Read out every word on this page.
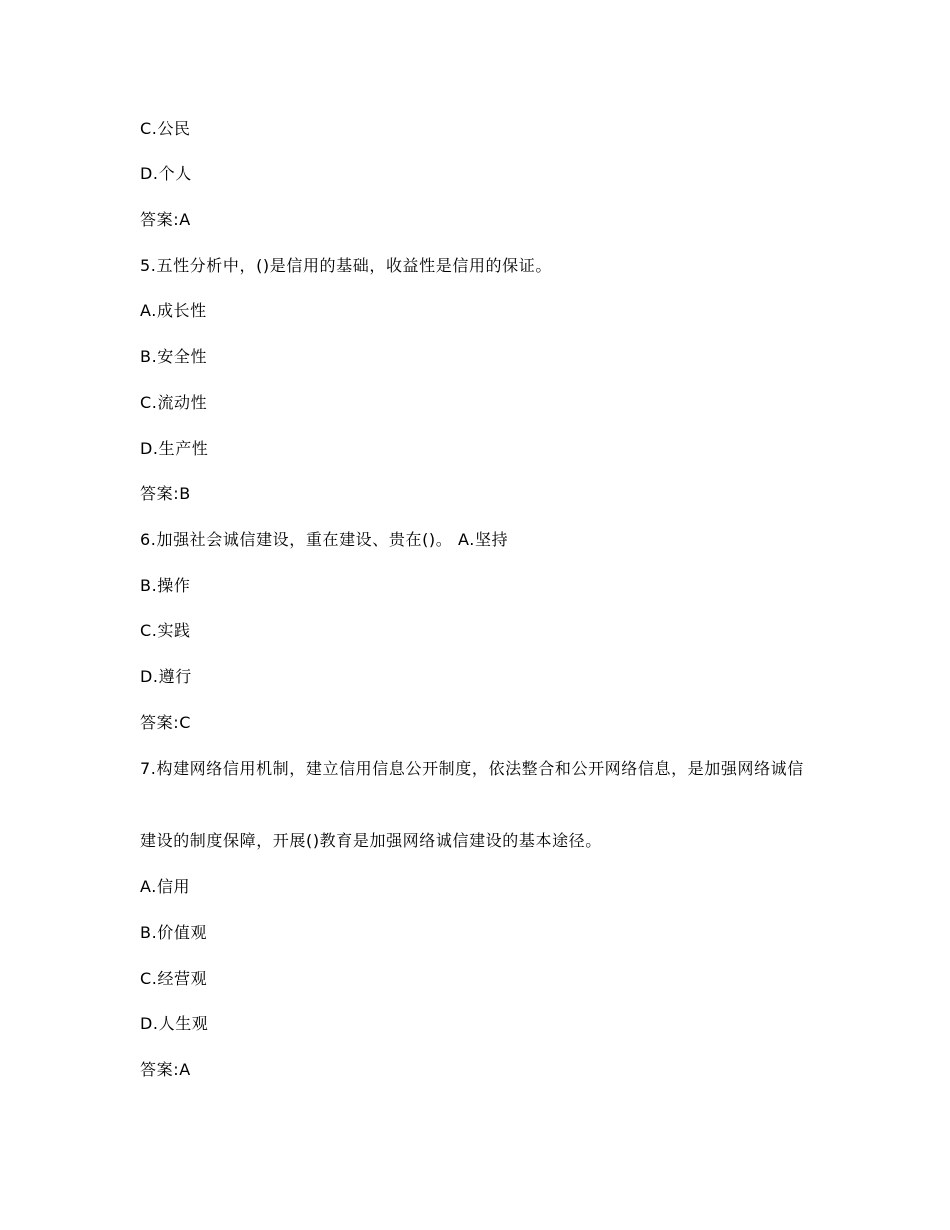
C.公民
D.个人
答案:A
5.五性分析中，()是信用的基础，收益性是信用的保证。
A.成长性
B.安全性
C.流动性
D.生产性
答案:B
6.加强社会诚信建设，重在建设、贵在()。 A.坚持
B.操作
C.实践
D.遵行
答案:C
7.构建网络信用机制，建立信用信息公开制度，依法整合和公开网络信息，是加强网络诚信
建设的制度保障，开展()教育是加强网络诚信建设的基本途径。
A.信用
B.价值观
C.经营观
D.人生观
答案:A
